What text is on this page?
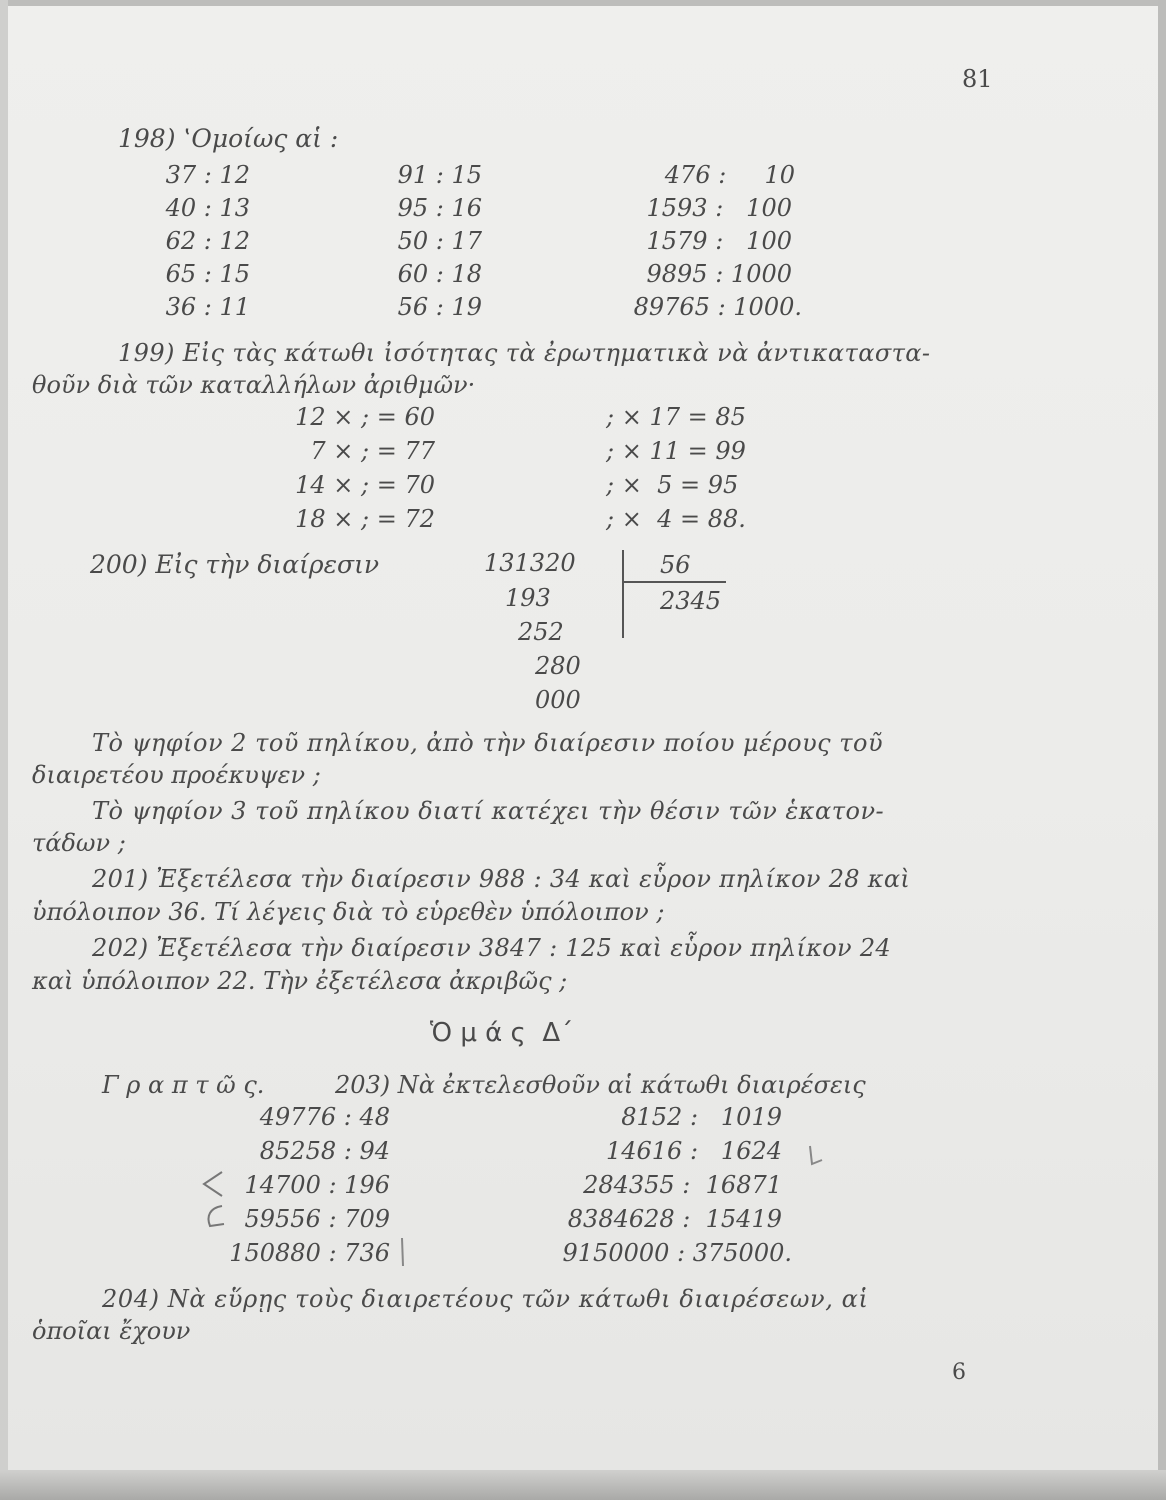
81
198) ‛Ομοίως αἱ :
37 : 12
40 : 13
62 : 12
65 : 15
36 : 11
91 : 15
95 : 16
50 : 17
60 : 18
56 : 19
476 :     10
1593 :   100
1579 :   100
9895 : 1000
89765 : 1000.
199) Εἰς τὰς κάτωθι ἰσότητας τὰ ἐρωτηματικὰ νὰ ἀντικαταστα-
θοῦν διὰ τῶν καταλλήλων ἀριθμῶν·
12 × ; = 60
7 × ; = 77
14 × ; = 70
18 × ; = 72
; × 17 = 85
; × 11 = 99
; ×  5 = 95
; ×  4 = 88.
200) Εἰς τὴν διαίρεσιν	131320
193
252
280
000
56
2345
Τὸ ψηφίον 2 τοῦ πηλίκου, ἀπὸ τὴν διαίρεσιν ποίου μέρους τοῦ
διαιρετέου προέκυψεν ;
Τὸ ψηφίον 3 τοῦ πηλίκου διατί κατέχει τὴν θέσιν τῶν ἑκατον-
τάδων ;
201) Ἐξετέλεσα τὴν διαίρεσιν 988 : 34 καὶ εὗρον πηλίκον 28 καὶ
ὑπόλοιπον 36. Τί λέγεις διὰ τὸ εὑρεθὲν ὑπόλοιπον ;
202) Ἐξετέλεσα τὴν διαίρεσιν 3847 : 125 καὶ εὗρον πηλίκον 24
καὶ ὑπόλοιπον 22. Τὴν ἐξετέλεσα ἀκριβῶς ;
Ὁ μ ά ς  Δ΄
Γ ρ α π τ ῶ ς.	203) Νὰ ἐκτελεσθοῦν αἱ κάτωθι διαιρέσεις
49776 : 48
85258 : 94
14700 : 196
59556 : 709
150880 : 736
8152 :   1019
14616 :   1624
284355 :  16871
8384628 :  15419
9150000 : 375000.
204) Νὰ εὕρῃς τοὺς διαιρετέους τῶν κάτωθι διαιρέσεων, αἱ
ὁποῖαι ἔχουν
6
